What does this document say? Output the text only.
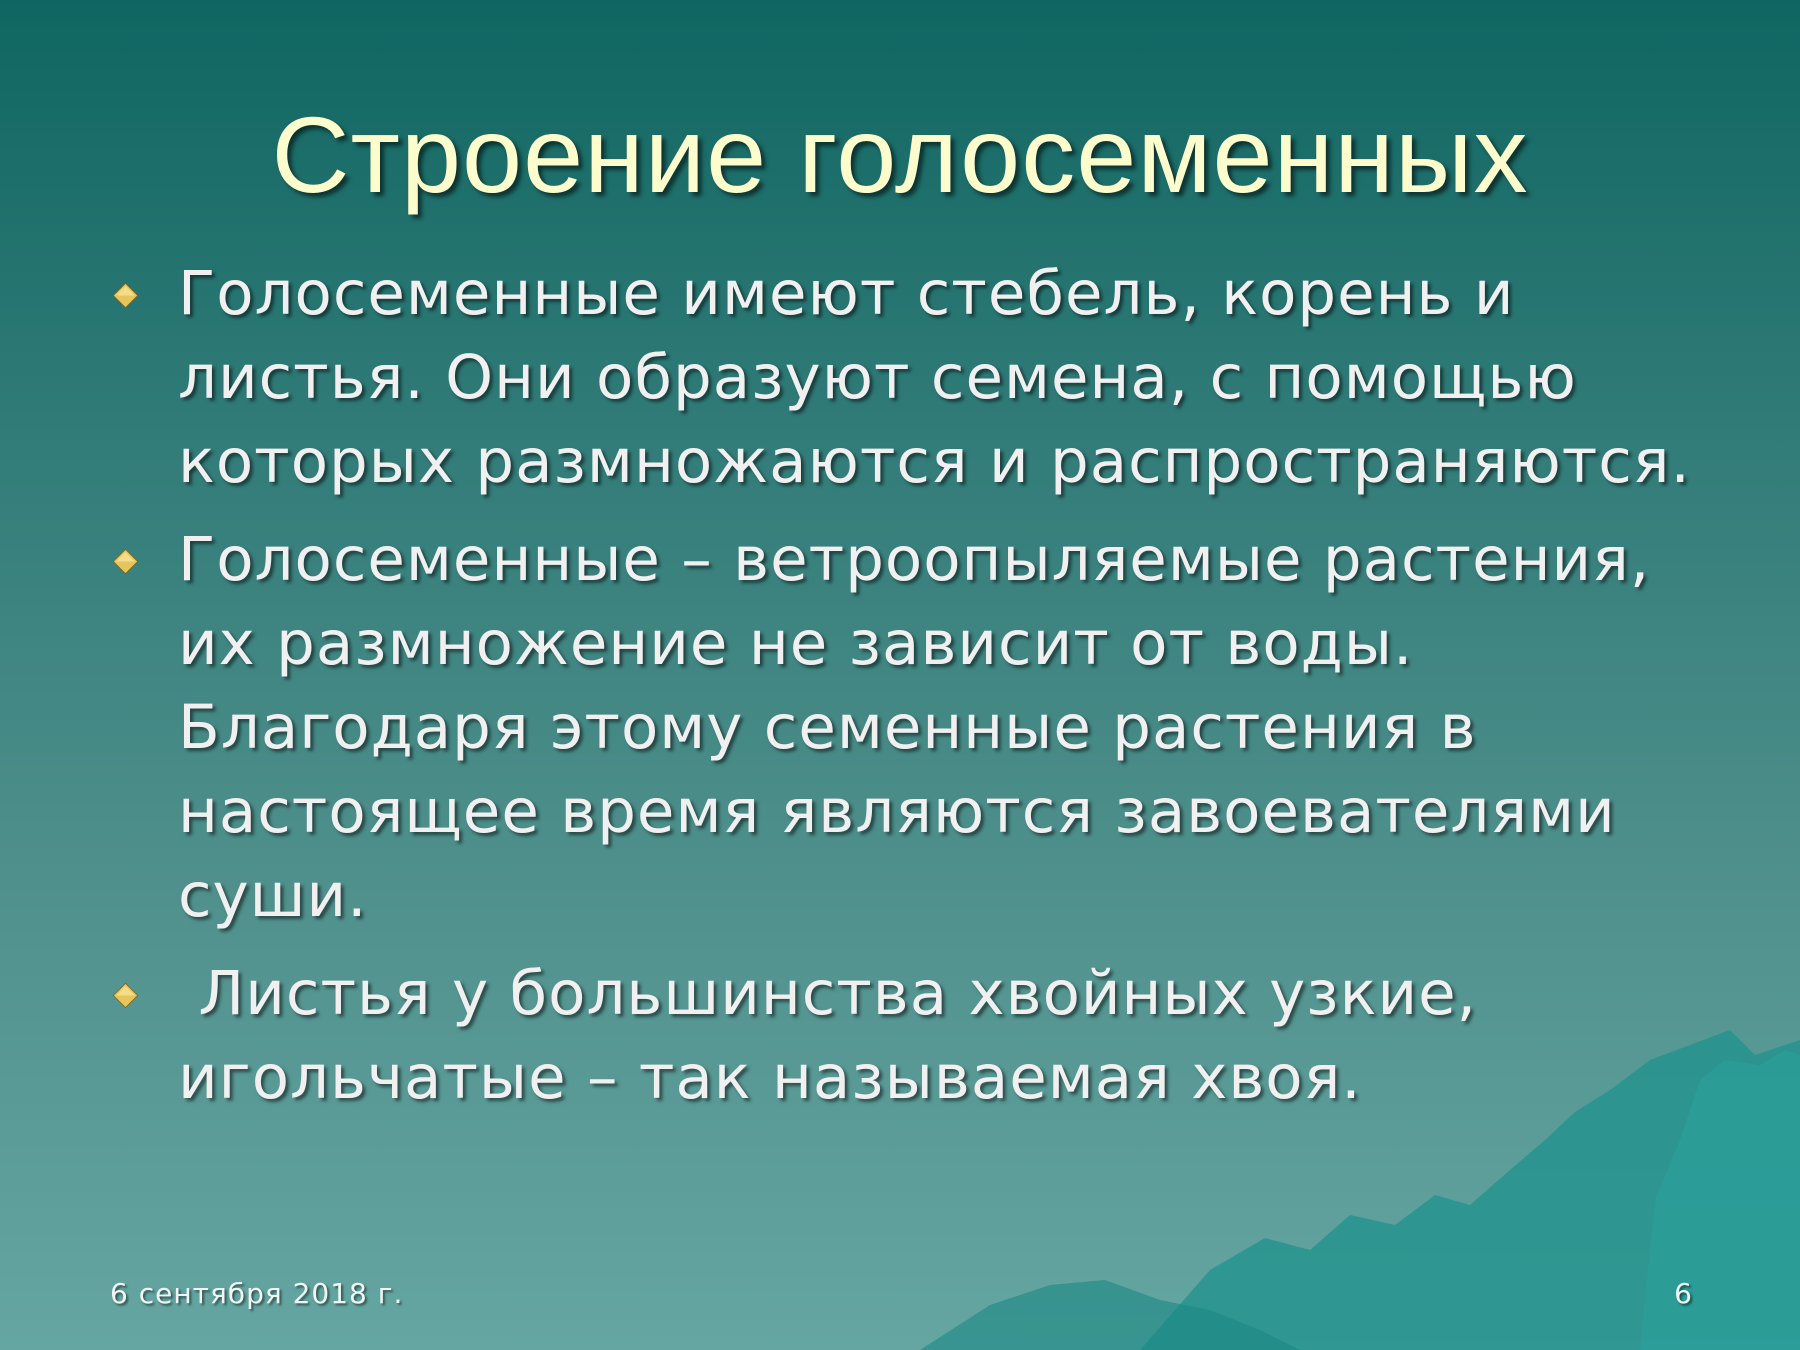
Строение голосеменных
Голосеменные имеют стебель, корень и листья. Они образуют семена, с помощью которых размножаются и распространяются.
Голосеменные – ветроопыляемые растения, их размножение не зависит от воды. Благодаря этому семенные растения в настоящее время являются завоевателями суши.
Листья у большинства хвойных узкие, игольчатые – так называемая хвоя.
6 сентября 2018 г.	6
